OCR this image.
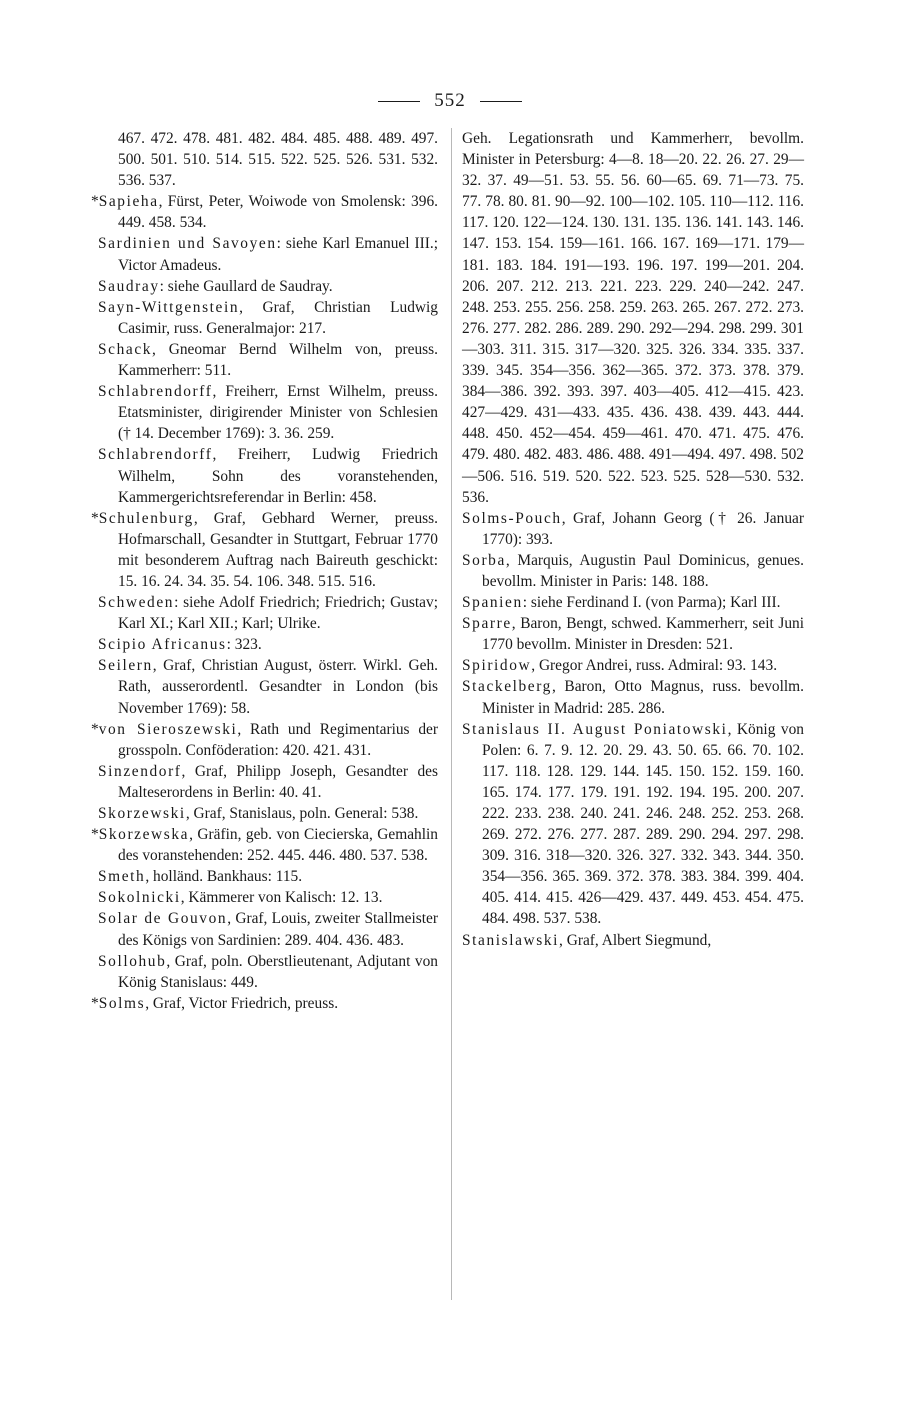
552

467. 472. 478. 481. 482. 484. 485. 488. 489. 497. 500. 501. 510. 514. 515. 522. 525. 526. 531. 532. 536. 537.

*Sapieha, Fürst, Peter, Woiwode von Smolensk: 396. 449. 458. 534.

Sardinien und Savoyen: siehe Karl Emanuel III.; Victor Amadeus.

Saudray: siehe Gaullard de Saudray.

Sayn-Wittgenstein, Graf, Christian Ludwig Casimir, russ. Generalmajor: 217.

Schack, Gneomar Bernd Wilhelm von, preuss. Kammerherr: 511.

Schlabrendorff, Freiherr, Ernst Wilhelm, preuss. Etatsminister, dirigirender Minister von Schlesien († 14. December 1769): 3. 36. 259.

Schlabrendorff, Freiherr, Ludwig Friedrich Wilhelm, Sohn des voranstehenden, Kammergerichtsreferendar in Berlin: 458.

*Schulenburg, Graf, Gebhard Werner, preuss. Hofmarschall, Gesandter in Stuttgart, Februar 1770 mit besonderem Auftrag nach Baireuth geschickt: 15. 16. 24. 34. 35. 54. 106. 348. 515. 516.

Schweden: siehe Adolf Friedrich; Friedrich; Gustav; Karl XI.; Karl XII.; Karl; Ulrike.

Scipio Africanus: 323.

Seilern, Graf, Christian August, österr. Wirkl. Geh. Rath, ausserordentl. Gesandter in London (bis November 1769): 58.

*von Sieroszewski, Rath und Regimentarius der grosspoln. Conföderation: 420. 421. 431.

Sinzendorf, Graf, Philipp Joseph, Gesandter des Malteserordens in Berlin: 40. 41.

Skorzewski, Graf, Stanislaus, poln. General: 538.

*Skorzewska, Gräfin, geb. von Ciecierska, Gemahlin des voranstehenden: 252. 445. 446. 480. 537. 538.

Smeth, holländ. Bankhaus: 115.

Sokolnicki, Kämmerer von Kalisch: 12. 13.

Solar de Gouvon, Graf, Louis, zweiter Stallmeister des Königs von Sardinien: 289. 404. 436. 483.

Sollohub, Graf, poln. Oberstlieutenant, Adjutant von König Stanislaus: 449.

*Solms, Graf, Victor Friedrich, preuss.

Geh. Legationsrath und Kammerherr, bevollm. Minister in Petersburg: 4—8. 18—20. 22. 26. 27. 29—32. 37. 49—51. 53. 55. 56. 60—65. 69. 71—73. 75. 77. 78. 80. 81. 90—92. 100—102. 105. 110—112. 116. 117. 120. 122—124. 130. 131. 135. 136. 141. 143. 146. 147. 153. 154. 159—161. 166. 167. 169—171. 179—181. 183. 184. 191—193. 196. 197. 199—201. 204. 206. 207. 212. 213. 221. 223. 229. 240—242. 247. 248. 253. 255. 256. 258. 259. 263. 265. 267. 272. 273. 276. 277. 282. 286. 289. 290. 292—294. 298. 299. 301—303. 311. 315. 317—320. 325. 326. 334. 335. 337. 339. 345. 354—356. 362—365. 372. 373. 378. 379. 384—386. 392. 393. 397. 403—405. 412—415. 423. 427—429. 431—433. 435. 436. 438. 439. 443. 444. 448. 450. 452—454. 459—461. 470. 471. 475. 476. 479. 480. 482. 483. 486. 488. 491—494. 497. 498. 502—506. 516. 519. 520. 522. 523. 525. 528—530. 532. 536.

Solms-Pouch, Graf, Johann Georg († 26. Januar 1770): 393.

Sorba, Marquis, Augustin Paul Dominicus, genues. bevollm. Minister in Paris: 148. 188.

Spanien: siehe Ferdinand I. (von Parma); Karl III.

Sparre, Baron, Bengt, schwed. Kammerherr, seit Juni 1770 bevollm. Minister in Dresden: 521.

Spiridow, Gregor Andrei, russ. Admiral: 93. 143.

Stackelberg, Baron, Otto Magnus, russ. bevollm. Minister in Madrid: 285. 286.

Stanislaus II. August Poniatowski, König von Polen: 6. 7. 9. 12. 20. 29. 43. 50. 65. 66. 70. 102. 117. 118. 128. 129. 144. 145. 150. 152. 159. 160. 165. 174. 177. 179. 191. 192. 194. 195. 200. 207. 222. 233. 238. 240. 241. 246. 248. 252. 253. 268. 269. 272. 276. 277. 287. 289. 290. 294. 297. 298. 309. 316. 318—320. 326. 327. 332. 343. 344. 350. 354—356. 365. 369. 372. 378. 383. 384. 399. 404. 405. 414. 415. 426—429. 437. 449. 453. 454. 475. 484. 498. 537. 538.

Stanislawski, Graf, Albert Siegmund,
